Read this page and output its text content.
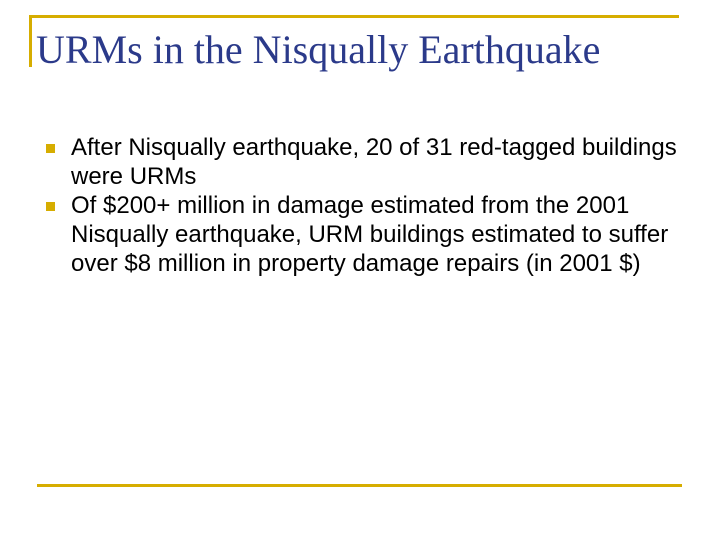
URMs in the Nisqually Earthquake
After Nisqually earthquake, 20 of 31 red-tagged buildings were URMs
Of $200+ million in damage estimated from the 2001 Nisqually earthquake, URM buildings estimated to suffer over $8 million in property damage repairs (in 2001 $)
